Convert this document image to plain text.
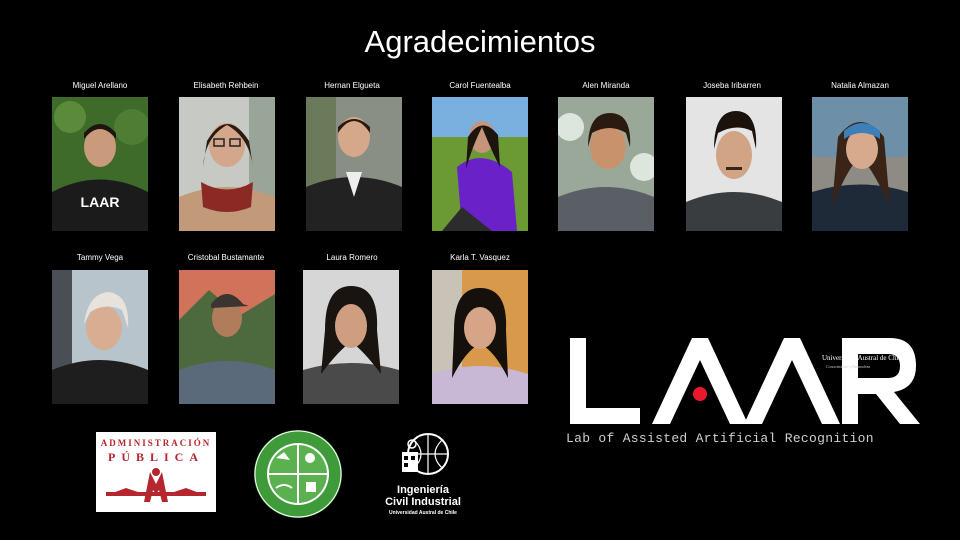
Agradecimientos
Miguel Arellano
LAAR
Elisabeth Rehbein	Hernan Elgueta	Carol Fuentealba	Alen Miranda	Joseba Iribarren	Natalia Almazan
Tammy Vega	Cristobal Bustamante	Laura Romero	Karla T. Vasquez
ADMINISTRACIÓN
PÚBLICA
Ingeniería
Civil Industrial
Universidad Austral de Chile
Universidad Austral de Chile
Conocimiento y Naturaleza
Lab of Assisted Artificial Recognition
